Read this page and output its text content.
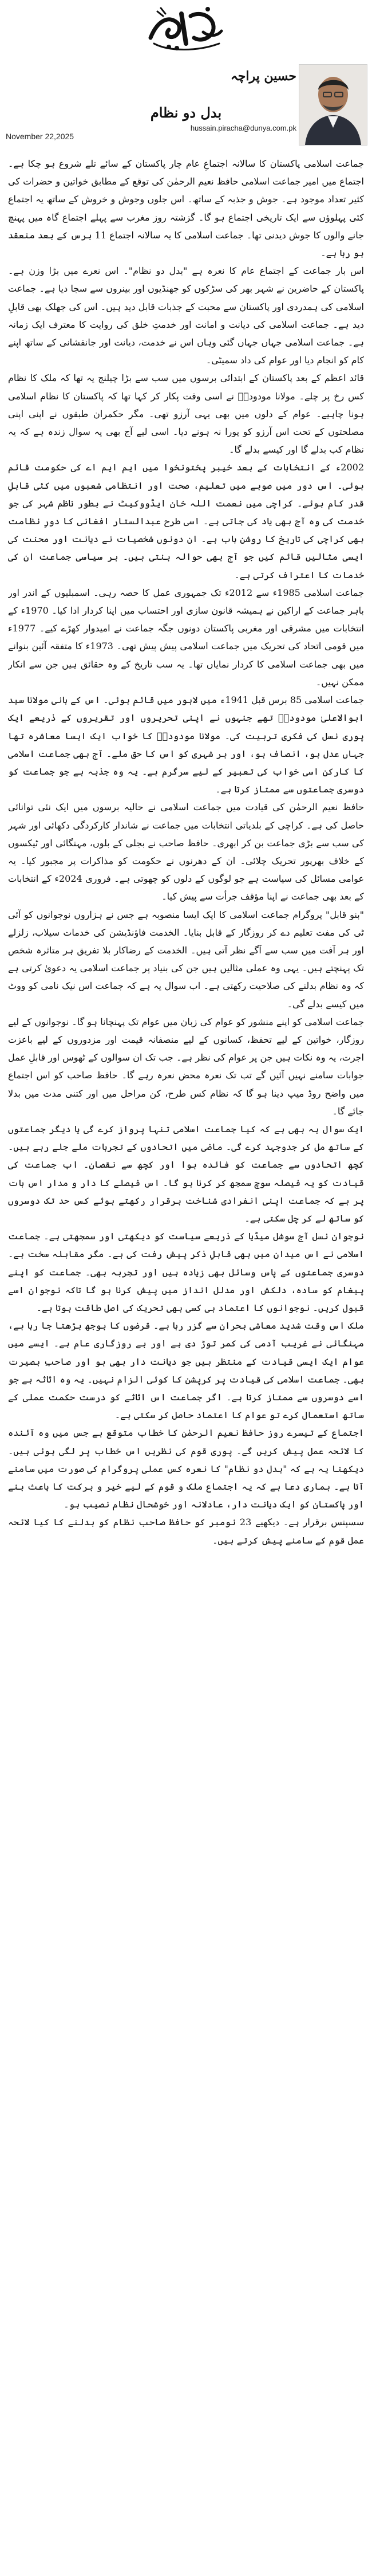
حسین پراچہ
hussain.piracha@dunya.com.pk
بدل دو نظام
November 22,2025

جماعت اسلامی پاکستان کا سالانہ اجتماعِ عام چار پاکستان کے سائے تلے شروع ہو چکا ہے۔ اجتماع میں امیر جماعت اسلامی حافظ نعیم الرحمٰن کی توقع کے مطابق خواتین و حضرات کی کثیر تعداد موجود ہے۔ جوش و جذبہ کے ساتھ۔ اس جلوں وجوش و خروش کے ساتھ یہ اجتماع کئی پہلوؤں سے ایک تاریخی اجتماع ہو گا۔ گزشتہ روز مغرب سے پہلے اجتماع گاہ میں پہنچ جانے والوں کا جوش دیدنی تھا۔ جماعت اسلامی کا یہ سالانہ اجتماع 11 برس کے بعد منعقد ہو رہا ہے۔

اس بار جماعت کے اجتماع عام کا نعرہ ہے "بدل دو نظام"۔ اس نعرے میں بڑا وزن ہے۔ پاکستان کے حاضرین نے شہر بھر کی سڑکوں کو جھنڈیوں اور بینروں سے سجا دیا ہے۔ جماعت اسلامی کی ہمدردی اور پاکستان سے محبت کے جذبات قابل دید ہیں۔ اس کی جھلک بھی قابلِ دید ہے۔ جماعت اسلامی کی دیانت و امانت اور خدمتِ خلق کی روایت کا معترف ایک زمانہ ہے۔ جماعت اسلامی جہاں جہاں گئی وہاں اس نے خدمت، دیانت اور جانفشانی کے ساتھ اپنے کام کو انجام دیا اور عوام کی داد سمیٹی۔

قائد اعظم کے بعد پاکستان کے ابتدائی برسوں میں سب سے بڑا چیلنج یہ تھا کہ ملک کا نظام کس رخ پر چلے۔ مولانا مودودیؒ نے اسی وقت پکار کر کہا تھا کہ پاکستان کا نظام اسلامی ہونا چاہیے۔ عوام کے دلوں میں بھی یہی آرزو تھی۔ مگر حکمران طبقوں نے اپنی اپنی مصلحتوں کے تحت اس آرزو کو پورا نہ ہونے دیا۔ اسی لیے آج بھی یہ سوال زندہ ہے کہ یہ نظام کب بدلے گا اور کیسے بدلے گا۔

2002ء کے انتخابات کے بعد خیبر پختونخوا میں ایم ایم اے کی حکومت قائم ہوئی۔ اس دور میں صوبے میں تعلیم، صحت اور انتظامی شعبوں میں کئی قابلِ قدر کام ہوئے۔ کراچی میں نعمت اللہ خان ایڈووکیٹ نے بطور ناظم شہر کی جو خدمت کی وہ آج بھی یاد کی جاتی ہے۔ اسی طرح عبدالستار افغانی کا دورِ نظامت بھی کراچی کی تاریخ کا روشن باب ہے۔ ان دونوں شخصیات نے دیانت اور محنت کی ایسی مثالیں قائم کیں جو آج بھی حوالہ بنتی ہیں۔ ہر سیاسی جماعت ان کی خدمات کا اعتراف کرتی ہے۔

جماعت اسلامی 1985ء سے 2012ء تک جمہوری عمل کا حصہ رہی۔ اسمبلیوں کے اندر اور باہر جماعت کے اراکین نے ہمیشہ قانون سازی اور احتساب میں اپنا کردار ادا کیا۔ 1970ء کے انتخابات میں مشرقی اور مغربی پاکستان دونوں جگہ جماعت نے امیدوار کھڑے کیے۔ 1977ء میں قومی اتحاد کی تحریک میں جماعت اسلامی پیش پیش تھی۔ 1973ء کا متفقہ آئین بنوانے میں بھی جماعت اسلامی کا کردار نمایاں تھا۔ یہ سب تاریخ کے وہ حقائق ہیں جن سے انکار ممکن نہیں۔

جماعت اسلامی 85 برس قبل 1941ء میں لاہور میں قائم ہوئی۔ اس کے بانی مولانا سید ابوالاعلیٰ مودودیؒ تھے جنہوں نے اپنی تحریروں اور تقریروں کے ذریعے ایک پوری نسل کی فکری تربیت کی۔ مولانا مودودیؒ کا خواب ایک ایسا معاشرہ تھا جہاں عدل ہو، انصاف ہو، اور ہر شہری کو اس کا حق ملے۔ آج بھی جماعت اسلامی کا کارکن اسی خواب کی تعبیر کے لیے سرگرم ہے۔ یہ وہ جذبہ ہے جو جماعت کو دوسری جماعتوں سے ممتاز کرتا ہے۔

حافظ نعیم الرحمٰن کی قیادت میں جماعت اسلامی نے حالیہ برسوں میں ایک نئی توانائی حاصل کی ہے۔ کراچی کے بلدیاتی انتخابات میں جماعت نے شاندار کارکردگی دکھائی اور شہر کی سب سے بڑی جماعت بن کر ابھری۔ حافظ صاحب نے بجلی کے بلوں، مہنگائی اور ٹیکسوں کے خلاف بھرپور تحریک چلائی۔ ان کے دھرنوں نے حکومت کو مذاکرات پر مجبور کیا۔ یہ عوامی مسائل کی سیاست ہے جو لوگوں کے دلوں کو چھوتی ہے۔ فروری 2024ء کے انتخابات کے بعد بھی جماعت نے اپنا مؤقف جرأت سے پیش کیا۔

"بنو قابل" پروگرام جماعت اسلامی کا ایک ایسا منصوبہ ہے جس نے ہزاروں نوجوانوں کو آئی ٹی کی مفت تعلیم دے کر روزگار کے قابل بنایا۔ الخدمت فاؤنڈیشن کی خدمات سیلاب، زلزلے اور ہر آفت میں سب سے آگے نظر آتی ہیں۔ الخدمت کے رضاکار بلا تفریق ہر متاثرہ شخص تک پہنچتے ہیں۔ یہی وہ عملی مثالیں ہیں جن کی بنیاد پر جماعت اسلامی یہ دعویٰ کرتی ہے کہ وہ نظام بدلنے کی صلاحیت رکھتی ہے۔ اب سوال یہ ہے کہ جماعت اس نیک نامی کو ووٹ میں کیسے بدلے گی۔

جماعت اسلامی کو اپنے منشور کو عوام کی زبان میں عوام تک پہنچانا ہو گا۔ نوجوانوں کے لیے روزگار، خواتین کے لیے تحفظ، کسانوں کے لیے منصفانہ قیمت اور مزدوروں کے لیے باعزت اجرت، یہ وہ نکات ہیں جن پر عوام کی نظر ہے۔ جب تک ان سوالوں کے ٹھوس اور قابلِ عمل جوابات سامنے نہیں آئیں گے تب تک نعرہ محض نعرہ رہے گا۔ حافظ صاحب کو اس اجتماع میں واضح روڈ میپ دینا ہو گا کہ نظام کس طرح، کن مراحل میں اور کتنی مدت میں بدلا جائے گا۔

ایک سوال یہ بھی ہے کہ کیا جماعت اسلامی تنہا پرواز کرے گی یا دیگر جماعتوں کے ساتھ مل کر جدوجہد کرے گی۔ ماضی میں اتحادوں کے تجربات ملے جلے رہے ہیں۔ کچھ اتحادوں سے جماعت کو فائدہ ہوا اور کچھ سے نقصان۔ اب جماعت کی قیادت کو یہ فیصلہ سوچ سمجھ کر کرنا ہو گا۔ اس فیصلے کا دار و مدار اس بات پر ہے کہ جماعت اپنی انفرادی شناخت برقرار رکھتے ہوئے کس حد تک دوسروں کو ساتھ لے کر چل سکتی ہے۔

نوجوان نسل آج سوشل میڈیا کے ذریعے سیاست کو دیکھتی اور سمجھتی ہے۔ جماعت اسلامی نے اس میدان میں بھی قابلِ ذکر پیش رفت کی ہے۔ مگر مقابلہ سخت ہے۔ دوسری جماعتوں کے پاس وسائل بھی زیادہ ہیں اور تجربہ بھی۔ جماعت کو اپنے پیغام کو سادہ، دلکش اور مدلل انداز میں پیش کرنا ہو گا تاکہ نوجوان اسے قبول کریں۔ نوجوانوں کا اعتماد ہی کسی بھی تحریک کی اصل طاقت ہوتا ہے۔

ملک اس وقت شدید معاشی بحران سے گزر رہا ہے۔ قرضوں کا بوجھ بڑھتا جا رہا ہے، مہنگائی نے غریب آدمی کی کمر توڑ دی ہے اور بے روزگاری عام ہے۔ ایسے میں عوام ایک ایسی قیادت کے منتظر ہیں جو دیانت دار بھی ہو اور صاحبِ بصیرت بھی۔ جماعت اسلامی کی قیادت پر کرپشن کا کوئی الزام نہیں۔ یہ وہ اثاثہ ہے جو اسے دوسروں سے ممتاز کرتا ہے۔ اگر جماعت اس اثاثے کو درست حکمت عملی کے ساتھ استعمال کرے تو عوام کا اعتماد حاصل کر سکتی ہے۔

اجتماع کے تیسرے روز حافظ نعیم الرحمٰن کا خطاب متوقع ہے جس میں وہ آئندہ کا لائحہ عمل پیش کریں گے۔ پوری قوم کی نظریں اس خطاب پر لگی ہوئی ہیں۔ دیکھنا یہ ہے کہ "بدل دو نظام" کا نعرہ کس عملی پروگرام کی صورت میں سامنے آتا ہے۔ ہماری دعا ہے کہ یہ اجتماع ملک و قوم کے لیے خیر و برکت کا باعث بنے اور پاکستان کو ایک دیانت دار، عادلانہ اور خوشحال نظام نصیب ہو۔

سسپنس برقرار ہے۔ دیکھیے 23 نومبر کو حافظ صاحب نظام کو بدلنے کا کیا لائحہ عمل قوم کے سامنے پیش کرتے ہیں۔
